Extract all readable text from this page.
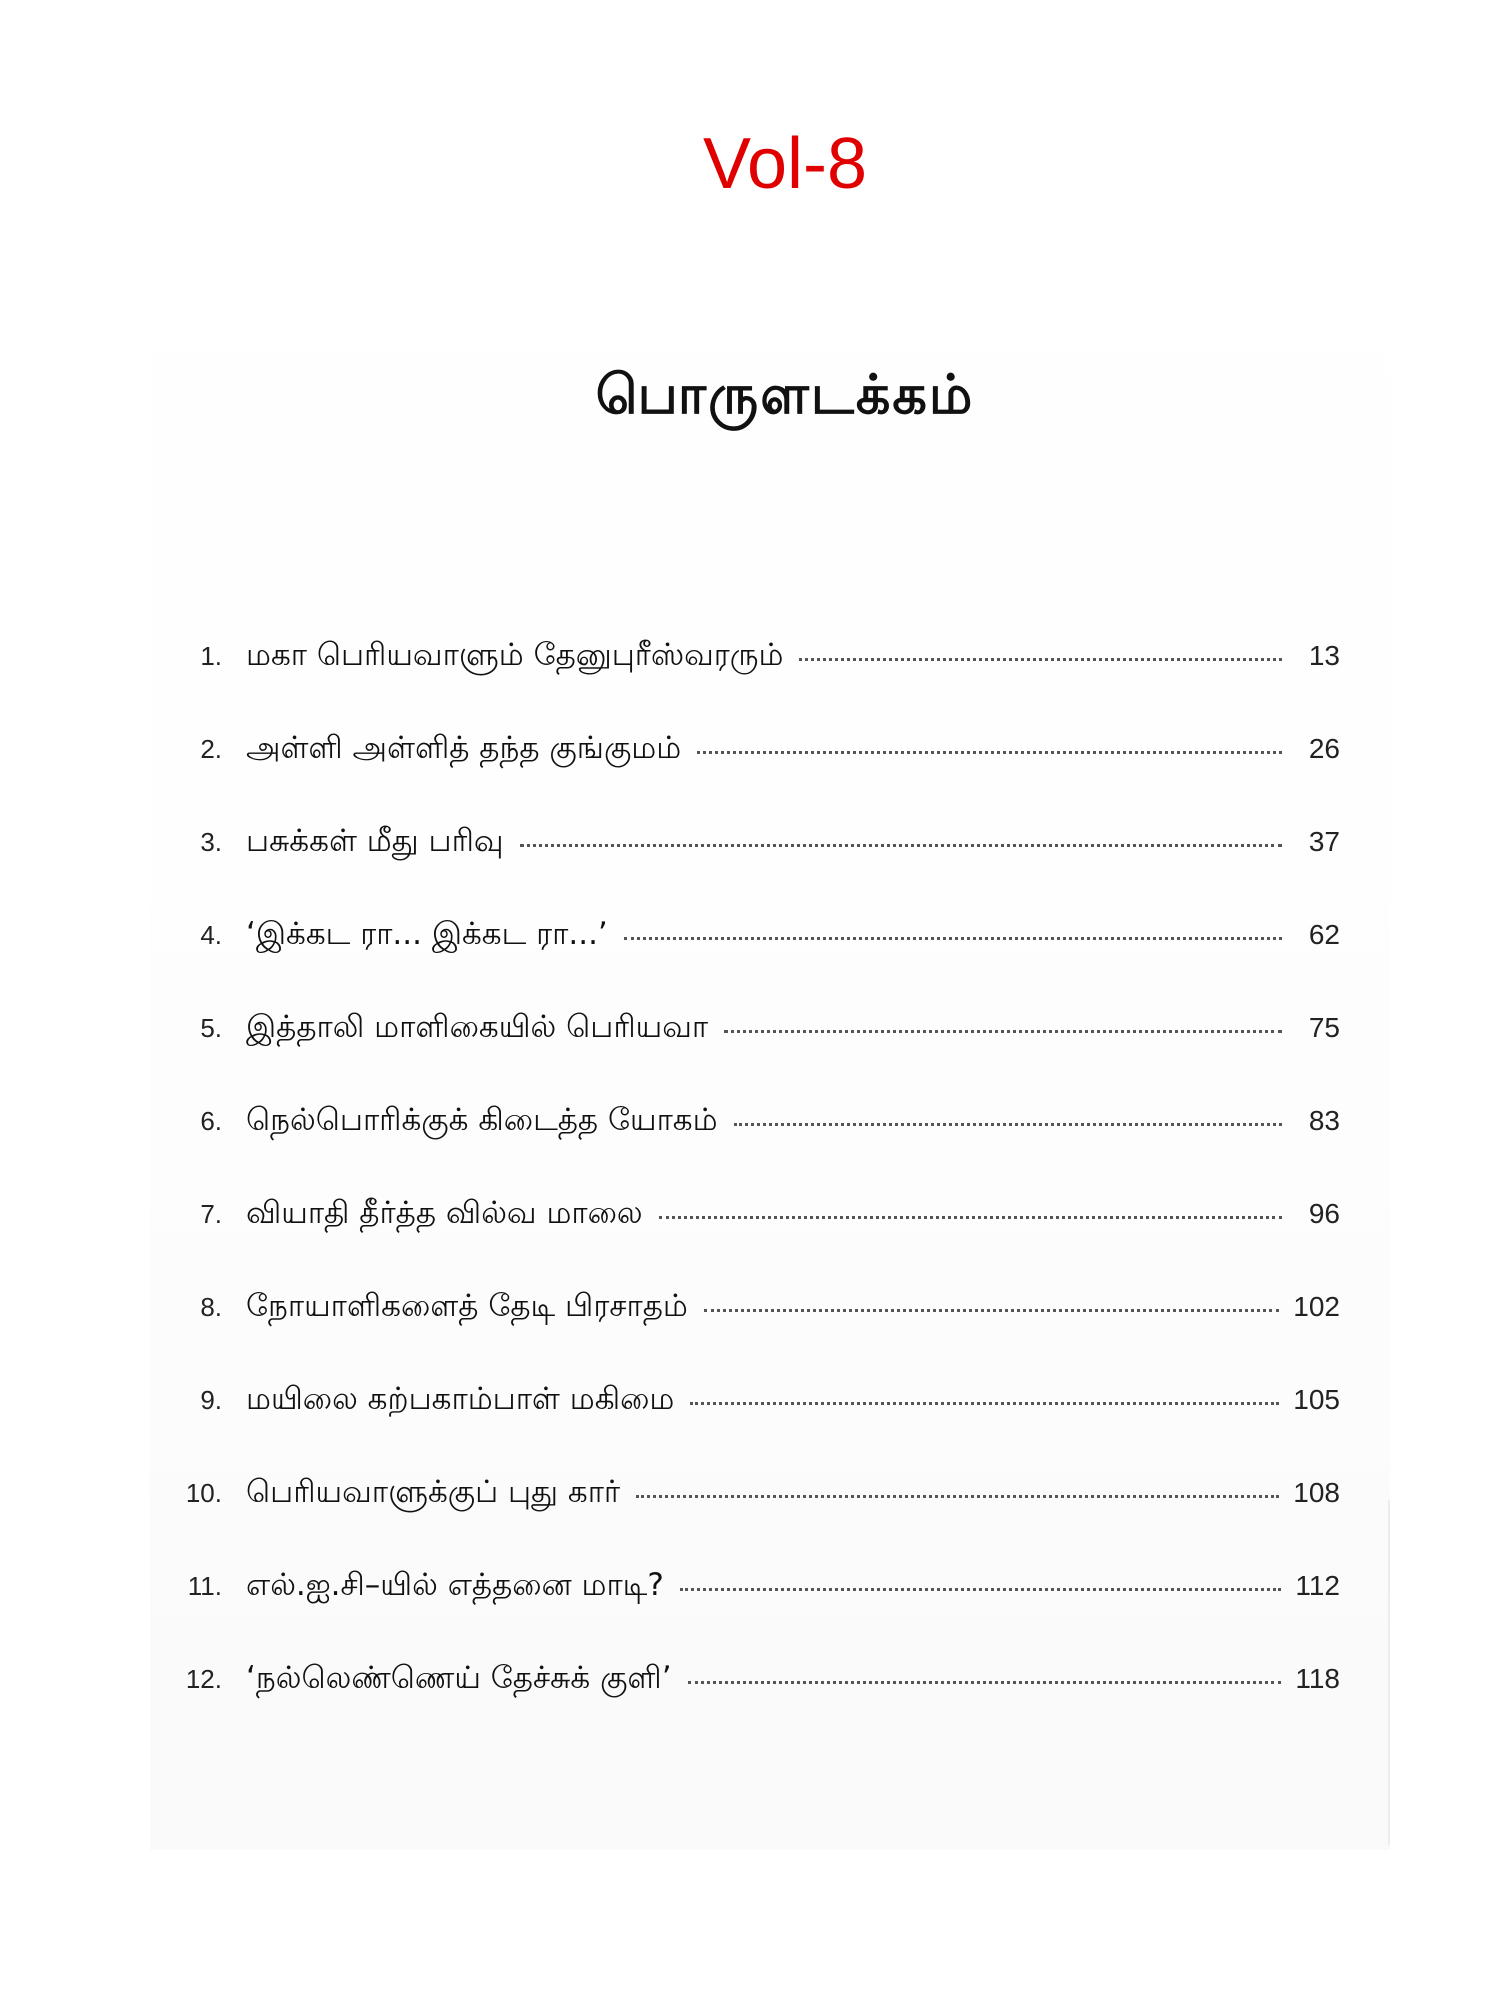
Vol-8
பொருளடக்கம்
1. மகா பெரியவாளும் தேனுபுரீஸ்வரரும்	13
2. அள்ளி அள்ளித் தந்த குங்குமம்	26
3. பசுக்கள் மீது பரிவு	37
4. ‘இக்கட ரா... இக்கட ரா...’	62
5. இத்தாலி மாளிகையில் பெரியவா	75
6. நெல்பொரிக்குக் கிடைத்த யோகம்	83
7. வியாதி தீர்த்த வில்வ மாலை	96
8. நோயாளிகளைத் தேடி பிரசாதம்	102
9. மயிலை கற்பகாம்பாள் மகிமை	105
10. பெரியவாளுக்குப் புது கார்	108
11. எல்.ஐ.சி–யில் எத்தனை மாடி?	112
12. ‘நல்லெண்ணெய் தேச்சுக் குளி’	118
